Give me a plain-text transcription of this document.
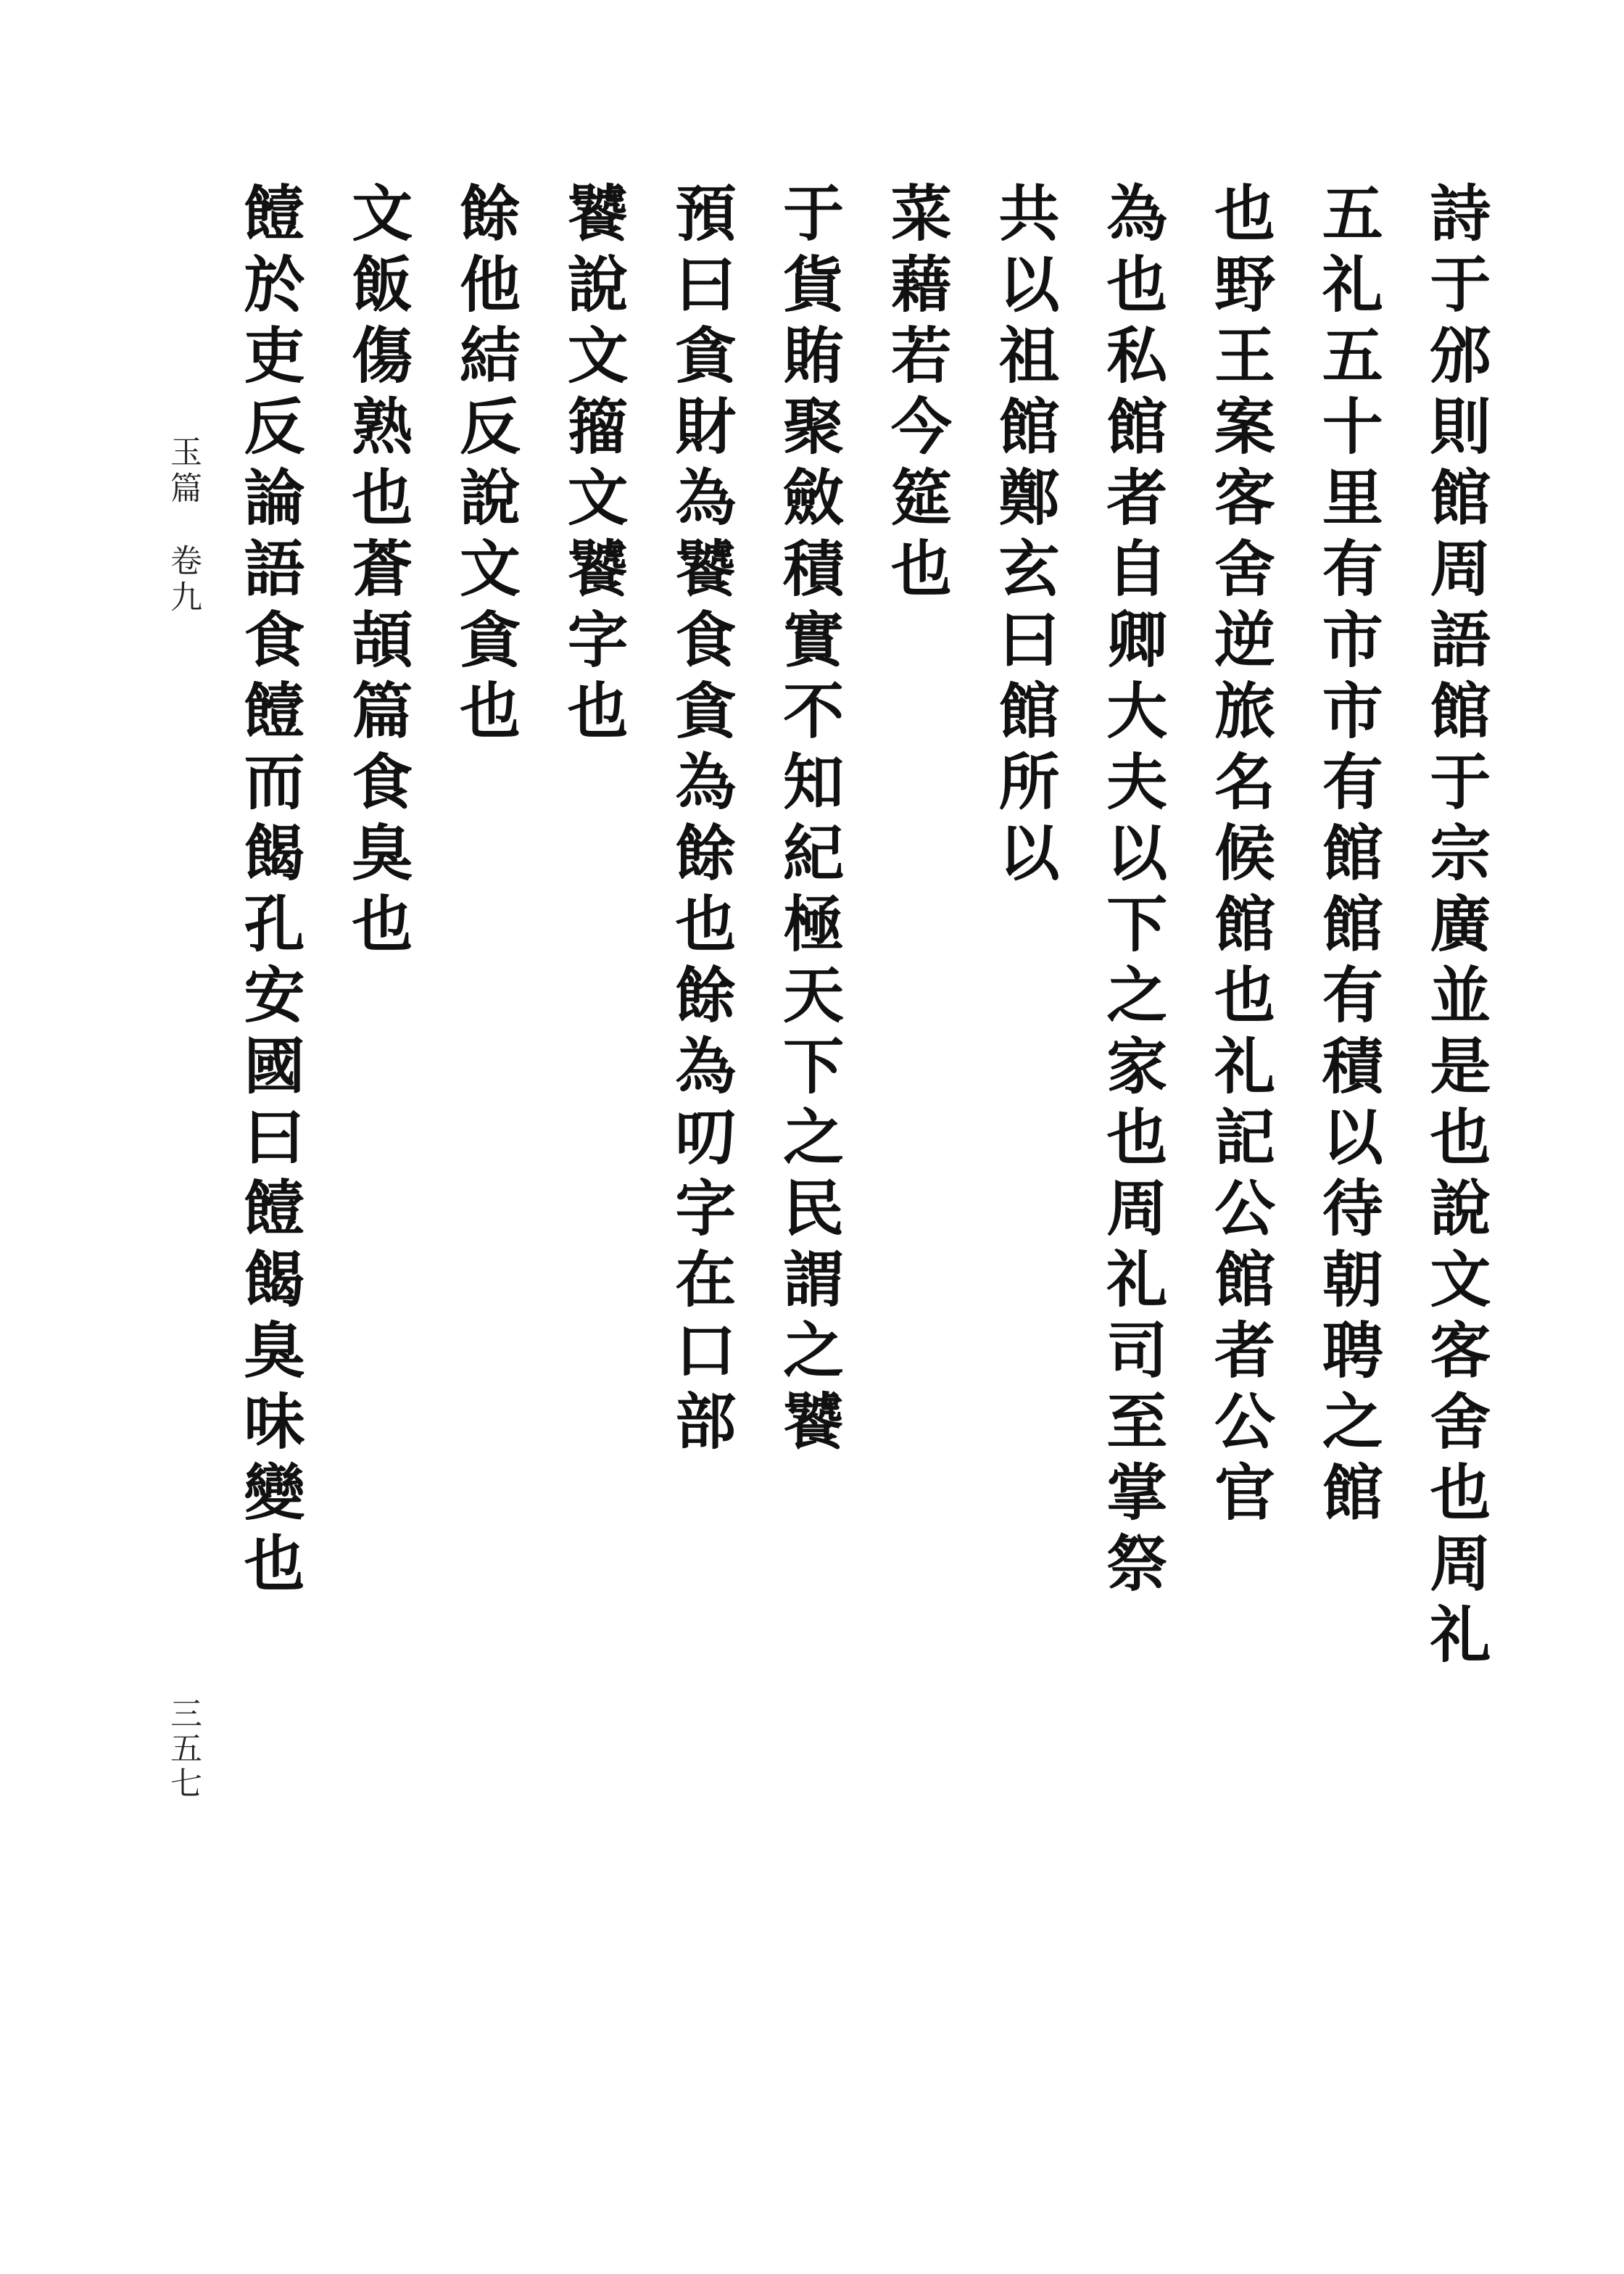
玉篇　卷九
三五七
詩于邠則館周語館于宗廣並是也說文客舍也周礼
五礼五十里有市市有館館有積以待朝聘之館
也野王案客舍逆旅名候館也礼記公館者公官
為也私館者自卿大夫以下之家也周礼司至掌祭
共以祖館鄭玄曰館所以
菜藉若今筵也
于貨賄聚斂積實不知紀極天下之民謂之饕
預曰貪財為饕食貪為餘也餘為叨字在口部
饕說文籀文饕字也
餘他結反說文貪也
文飯傷熟也蒼頡篇食臭也
饐於吏反論語食饐而餲孔安國曰饐餲臭味變也
